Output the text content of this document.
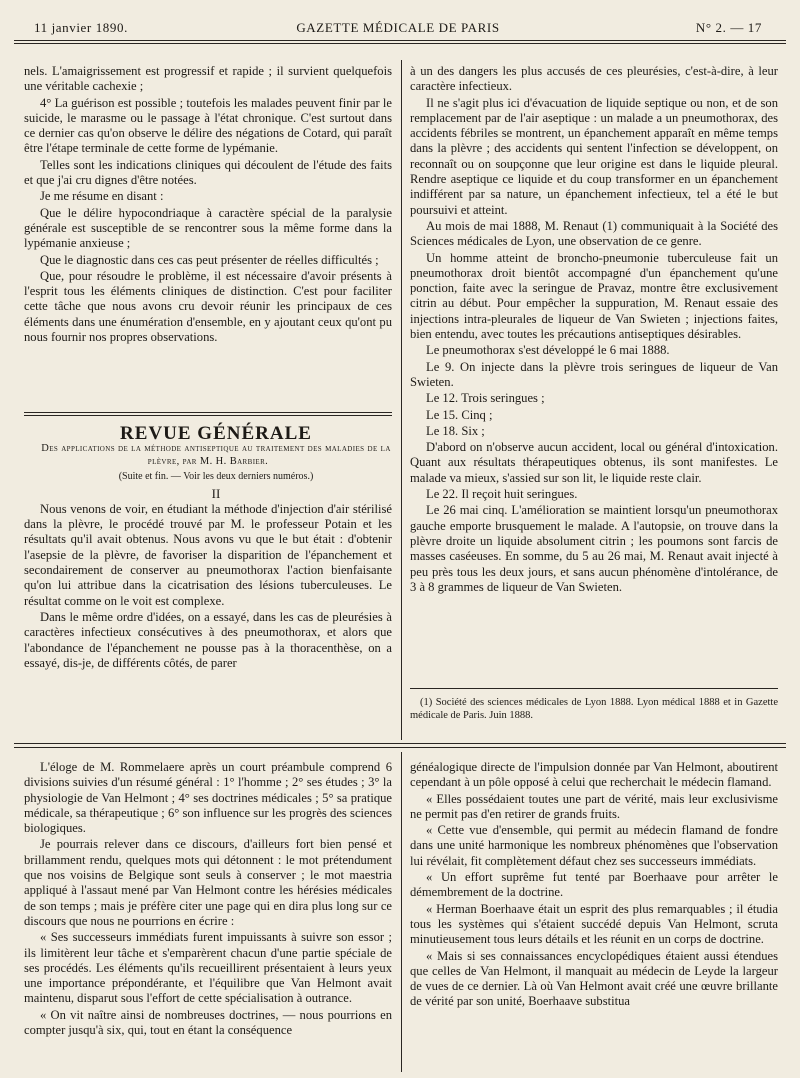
11 janvier 1890.	GAZETTE MÉDICALE DE PARIS	N° 2. — 17

nels. L'amaigrissement est progressif et rapide ; il survient quelquefois une véritable cachexie ;

4° La guérison est possible ; toutefois les malades peuvent finir par le suicide, le marasme ou le passage à l'état chronique. C'est surtout dans ce dernier cas qu'on observe le délire des négations de Cotard, qui paraît être l'étape terminale de cette forme de lypémanie.

Telles sont les indications cliniques qui découlent de l'étude des faits et que j'ai cru dignes d'être notées.

Je me résume en disant :

Que le délire hypocondriaque à caractère spécial de la paralysie générale est susceptible de se rencontrer sous la même forme dans la lypémanie anxieuse ;

Que le diagnostic dans ces cas peut présenter de réelles difficultés ;

Que, pour résoudre le problème, il est nécessaire d'avoir présents à l'esprit tous les éléments cliniques de distinction. C'est pour faciliter cette tâche que nous avons cru devoir réunir les principaux de ces éléments dans une énumération d'ensemble, en y ajoutant ceux qu'ont pu nous fournir nos propres observations.

REVUE GÉNÉRALE

Des applications de la méthode antiseptique au traitement des maladies de la plèvre, par M. H. Barbier.

(Suite et fin. — Voir les deux derniers numéros.)

II

Nous venons de voir, en étudiant la méthode d'injection d'air stérilisé dans la plèvre, le procédé trouvé par M. le professeur Potain et les résultats qu'il avait obtenus. Nous avons vu que le but était : d'obtenir l'asepsie de la plèvre, de favoriser la disparition de l'épanchement et secondairement de conserver au pneumothorax l'action bienfaisante qu'on lui attribue dans la cicatrisation des lésions tuberculeuses. Le résultat comme on le voit est complexe.

Dans le même ordre d'idées, on a essayé, dans les cas de pleurésies à caractères infectieux consécutives à des pneumothorax, et alors que l'abondance de l'épanchement ne pousse pas à la thoracenthèse, on a essayé, dis-je, de différents côtés, de parer

à un des dangers les plus accusés de ces pleurésies, c'est-à-dire, à leur caractère infectieux.

Il ne s'agit plus ici d'évacuation de liquide septique ou non, et de son remplacement par de l'air aseptique : un malade a un pneumothorax, des accidents fébriles se montrent, un épanchement apparaît en même temps dans la plèvre ; des accidents qui sentent l'infection se développent, on reconnaît ou on soupçonne que leur origine est dans le liquide pleural. Rendre aseptique ce liquide et du coup transformer en un épanchement indifférent par sa nature, un épanchement infectieux, tel a été le but poursuivi et atteint.

Au mois de mai 1888, M. Renaut (1) communiquait à la Société des Sciences médicales de Lyon, une observation de ce genre.

Un homme atteint de broncho-pneumonie tuberculeuse fait un pneumothorax droit bientôt accompagné d'un épanchement qu'une ponction, faite avec la seringue de Pravaz, montre être exclusivement citrin au début. Pour empêcher la suppuration, M. Renaut essaie des injections intra-pleurales de liqueur de Van Swieten ; injections faites, bien entendu, avec toutes les précautions antiseptiques désirables.

Le pneumothorax s'est développé le 6 mai 1888.

Le 9. On injecte dans la plèvre trois seringues de liqueur de Van Swieten.

Le 12. Trois seringues ;

Le 15. Cinq ;

Le 18. Six ;

D'abord on n'observe aucun accident, local ou général d'intoxication. Quant aux résultats thérapeutiques obtenus, ils sont manifestes. Le malade va mieux, s'assied sur son lit, le liquide reste clair.

Le 22. Il reçoit huit seringues.

Le 26 mai cinq. L'amélioration se maintient lorsqu'un pneumothorax gauche emporte brusquement le malade. A l'autopsie, on trouve dans la plèvre droite un liquide absolument citrin ; les poumons sont farcis de masses caséeuses. En somme, du 5 au 26 mai, M. Renaut avait injecté à peu près tous les deux jours, et sans aucun phénomène d'intolérance, de 3 à 8 grammes de liqueur de Van Swieten.

(1) Société des sciences médicales de Lyon 1888. Lyon médical 1888 et in Gazette médicale de Paris. Juin 1888.

L'éloge de M. Rommelaere après un court préambule comprend 6 divisions suivies d'un résumé général : 1° l'homme ; 2° ses études ; 3° la physiologie de Van Helmont ; 4° ses doctrines médicales ; 5° sa pratique médicale, sa thérapeutique ; 6° son influence sur les progrès des sciences biologiques.

Je pourrais relever dans ce discours, d'ailleurs fort bien pensé et brillamment rendu, quelques mots qui détonnent : le mot prétendument que nos voisins de Belgique sont seuls à conserver ; le mot maestria appliqué à l'assaut mené par Van Helmont contre les hérésies médicales de son temps ; mais je préfère citer une page qui en dira plus long sur ce discours que nous ne pourrions en écrire :

« Ses successeurs immédiats furent impuissants à suivre son essor ; ils limitèrent leur tâche et s'emparèrent chacun d'une partie spéciale de ses procédés. Les éléments qu'ils recueillirent présentaient à leurs yeux une importance prépondérante, et l'équilibre que Van Helmont avait maintenu, disparut sous l'effort de cette spécialisation à outrance.

« On vit naître ainsi de nombreuses doctrines, — nous pourrions en compter jusqu'à six, qui, tout en étant la conséquence

généalogique directe de l'impulsion donnée par Van Helmont, aboutirent cependant à un pôle opposé à celui que recherchait le médecin flamand.

« Elles possédaient toutes une part de vérité, mais leur exclusivisme ne permit pas d'en retirer de grands fruits.

« Cette vue d'ensemble, qui permit au médecin flamand de fondre dans une unité harmonique les nombreux phénomènes que l'observation lui révélait, fit complètement défaut chez ses successeurs immédiats.

« Un effort suprême fut tenté par Boerhaave pour arrêter le démembrement de la doctrine.

« Herman Boerhaave était un esprit des plus remarquables ; il étudia tous les systèmes qui s'étaient succédé depuis Van Helmont, scruta minutieusement tous leurs détails et les réunit en un corps de doctrine.

« Mais si ses connaissances encyclopédiques étaient aussi étendues que celles de Van Helmont, il manquait au médecin de Leyde la largeur de vues de ce dernier. Là où Van Helmont avait créé une œuvre brillante de vérité par son unité, Boerhaave substitua
